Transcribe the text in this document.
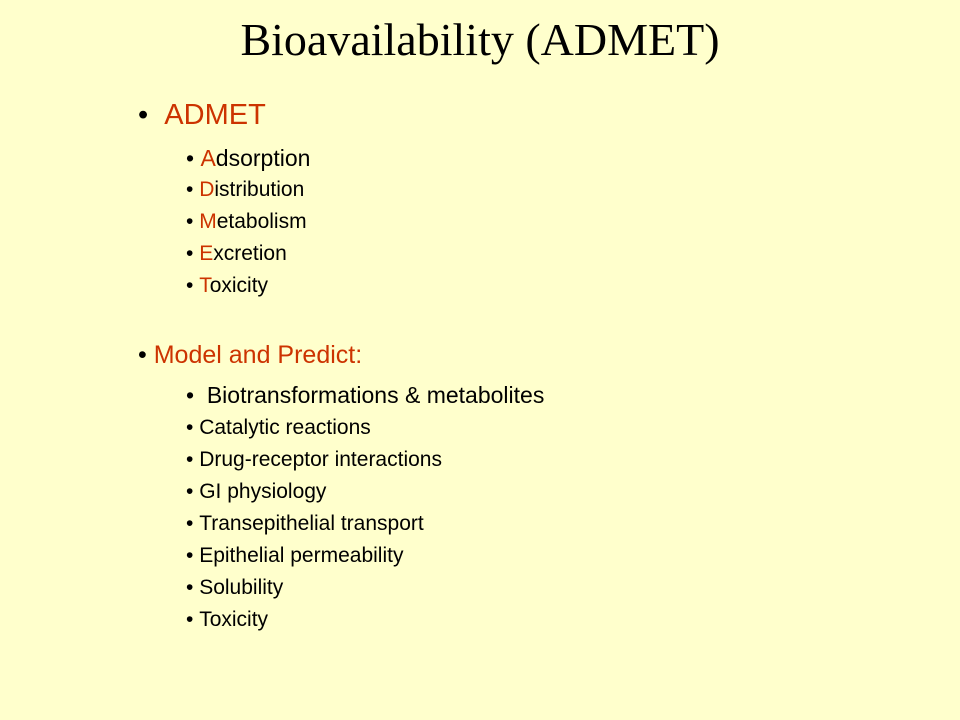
Bioavailability (ADMET)
• ADMET
• Adsorption
• Distribution
• Metabolism
• Excretion
• Toxicity
• Model and Predict:
• Biotransformations & metabolites
• Catalytic reactions
• Drug-receptor interactions
• GI physiology
• Transepithelial transport
• Epithelial permeability
• Solubility
• Toxicity
